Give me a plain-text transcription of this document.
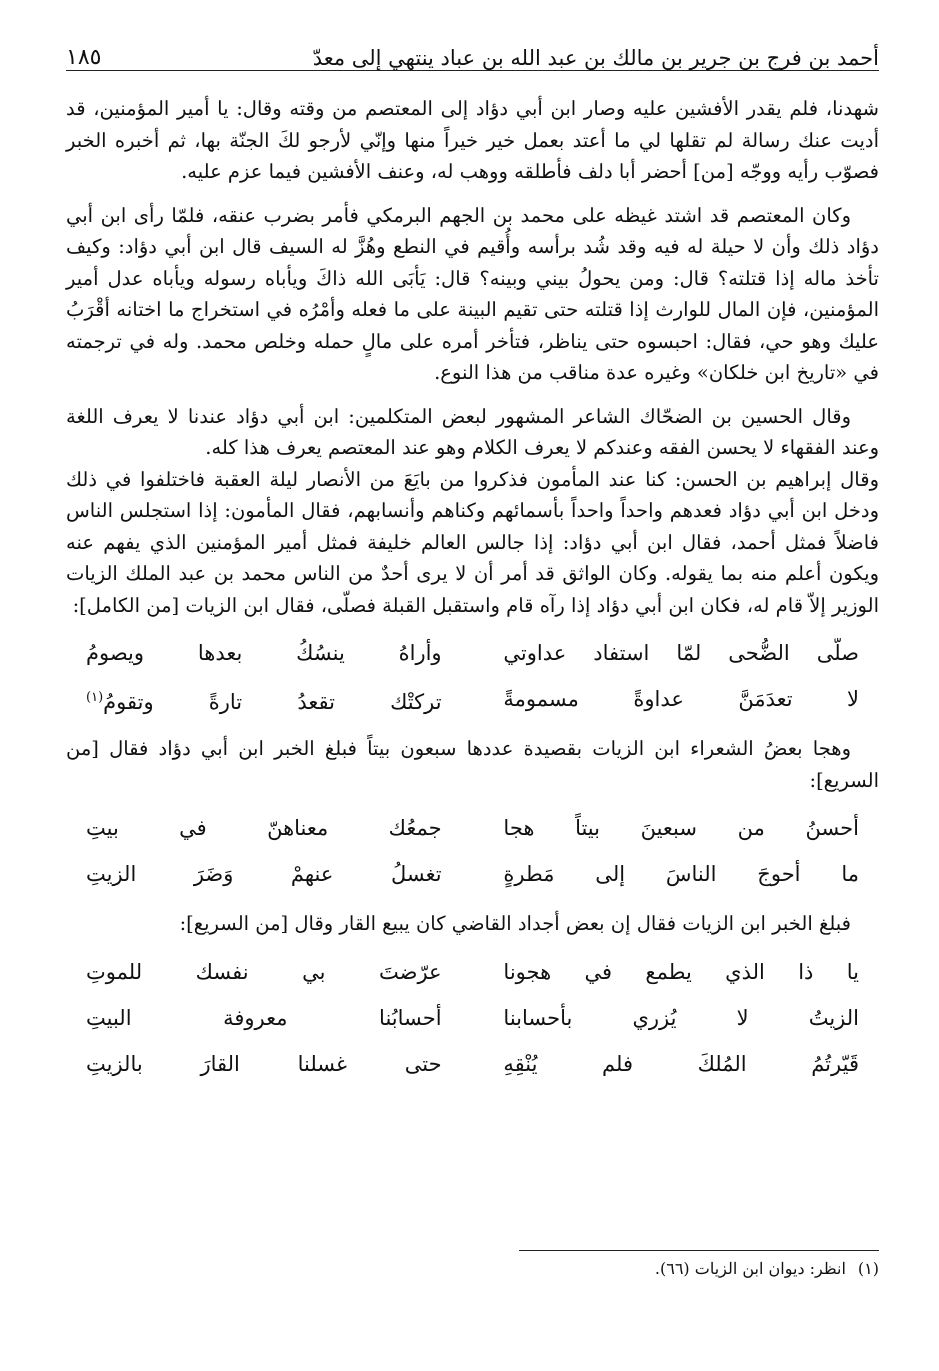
أحمد بن فرج بن جرير بن مالك بن عبد الله بن عباد ينتهي إلى معدّ
١٨٥

شهدنا، فلم يقدر الأفشين عليه وصار ابن أبي دؤاد إلى المعتصم من وقته وقال: يا أمير المؤمنين، قد أديت عنك رسالة لم تقلها لي ما أعتد بعمل خير خيراً منها وإنّي لأرجو لكَ الجنّة بها، ثم أخبره الخبر فصوّب رأيه ووجّه [من] أحضر أبا دلف فأطلقه ووهب له، وعنف الأفشين فيما عزم عليه.

وكان المعتصم قد اشتد غيظه على محمد بن الجهم البرمكي فأمر بضرب عنقه، فلمّا رأى ابن أبي دؤاد ذلك وأن لا حيلة له فيه وقد شُد برأسه وأُقيم في النطع وهُزَّ له السيف قال ابن أبي دؤاد: وكيف تأخذ ماله إذا قتلته؟ قال: ومن يحولُ بيني وبينه؟ قال: يَأبَى الله ذاكَ ويأباه رسوله ويأباه عدل أمير المؤمنين، فإن المال للوارث إذا قتلته حتى تقيم البينة على ما فعله وأمْرُه في استخراج ما اختانه أقْرَبُ عليك وهو حي، فقال: احبسوه حتى يناظر، فتأخر أمره على مالٍ حمله وخلص محمد. وله في ترجمته في «تاريخ ابن خلكان» وغيره عدة مناقب من هذا النوع.

وقال الحسين بن الضحّاك الشاعر المشهور لبعض المتكلمين: ابن أبي دؤاد عندنا لا يعرف اللغة وعند الفقهاء لا يحسن الفقه وعندكم لا يعرف الكلام وهو عند المعتصم يعرف هذا كله.

وقال إبراهيم بن الحسن: كنا عند المأمون فذكروا من بايَعَ من الأنصار ليلة العقبة فاختلفوا في ذلك ودخل ابن أبي دؤاد فعدهم واحداً واحداً بأسمائهم وكناهم وأنسابهم، فقال المأمون: إذا استجلس الناس فاضلاً فمثل أحمد، فقال ابن أبي دؤاد: إذا جالس العالم خليفة فمثل أمير المؤمنين الذي يفهم عنه ويكون أعلم منه بما يقوله. وكان الواثق قد أمر أن لا يرى أحدٌ من الناس محمد بن عبد الملك الزيات الوزير إلاّ قام له، فكان ابن أبي دؤاد إذا رآه قام واستقبل القبلة فصلّى، فقال ابن الزيات [من الكامل]:

صلّى الضُّحى لمّا استفاد عداوتي
وأراهُ ينسُكُ بعدها ويصومُ
لا تعدَمَنَّ عداوةً مسمومةً
تركتْك تقعدُ تارةً وتقومُ$^{(١)}$

وهجا بعضُ الشعراء ابن الزيات بقصيدة عددها سبعون بيتاً فبلغ الخبر ابن أبي دؤاد فقال [من السريع]:

أحسنُ من سبعينَ بيتاً هجا
جمعُك معناهنّ في بيتِ
ما أحوجَ الناسَ إلى مَطرةٍ
تغسلُ عنهمْ وَضَرَ الزيتِ

فبلغ الخبر ابن الزيات فقال إن بعض أجداد القاضي كان يبيع القار وقال [من السريع]:

يا ذا الذي يطمع في هجونا
عرّضتَ بي نفسك للموتِ
الزيتُ لا يُزري بأحسابنا
أحسابُنا معروفة البيتِ
قَيّرتُمُ المُلكَ فلم يُنْقِهِ
حتى غسلنا القارَ بالزيتِ
(١)
انظر: ديوان ابن الزيات (٦٦).
